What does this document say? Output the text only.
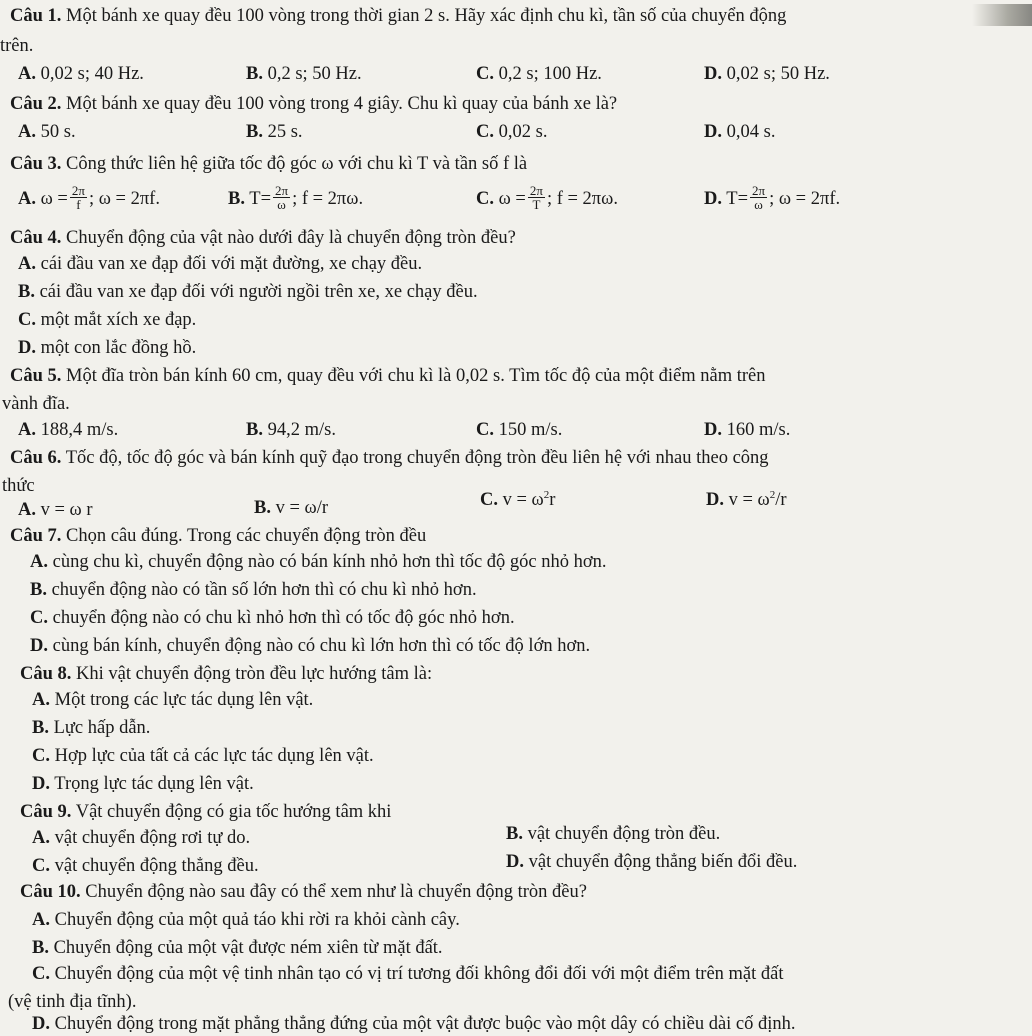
Câu 1. Một bánh xe quay đều 100 vòng trong thời gian 2 s. Hãy xác định chu kì, tần số của chuyển động
trên.
A. 0,02 s; 40 Hz.	B. 0,2 s; 50 Hz.	C. 0,2 s; 100 Hz.	D. 0,02 s; 50 Hz.
Câu 2. Một bánh xe quay đều 100 vòng trong 4 giây. Chu kì quay của bánh xe là?
A. 50 s.	B. 25 s.	C. 0,02 s.	D. 0,04 s.
Câu 3. Công thức liên hệ giữa tốc độ góc ω với chu kì T và tần số f là
A. $\omega = \frac{2\pi}{f}$ ; ω = 2πf.	B. $T= \frac{2\pi}{\omega}$ ; f = 2πω.	C. $\omega = \frac{2\pi}{T}$ ; f = 2πω.	D. $T= \frac{2\pi}{\omega}$ ; ω = 2πf.
Câu 4. Chuyển động của vật nào dưới đây là chuyển động tròn đều?
A. cái đầu van xe đạp đối với mặt đường, xe chạy đều.
B. cái đầu van xe đạp đối với người ngồi trên xe, xe chạy đều.
C. một mắt xích xe đạp.
D. một con lắc đồng hồ.
Câu 5. Một đĩa tròn bán kính 60 cm, quay đều với chu kì là 0,02 s. Tìm tốc độ của một điểm nằm trên
vành đĩa.
A. 188,4 m/s.	B. 94,2 m/s.	C. 150 m/s.	D. 160 m/s.
Câu 6. Tốc độ, tốc độ góc và bán kính quỹ đạo trong chuyển động tròn đều liên hệ với nhau theo công
thức
A. v = ω r	B. v = ω/r	C. $v = \omega^2r$	D. $v = \omega^2/r$
Câu 7. Chọn câu đúng. Trong các chuyển động tròn đều
A. cùng chu kì, chuyển động nào có bán kính nhỏ hơn thì tốc độ góc nhỏ hơn.
B. chuyển động nào có tần số lớn hơn thì có chu kì nhỏ hơn.
C. chuyển động nào có chu kì nhỏ hơn thì có tốc độ góc nhỏ hơn.
D. cùng bán kính, chuyển động nào có chu kì lớn hơn thì có tốc độ lớn hơn.
Câu 8. Khi vật chuyển động tròn đều lực hướng tâm là:
A. Một trong các lực tác dụng lên vật.
B. Lực hấp dẫn.
C. Hợp lực của tất cả các lực tác dụng lên vật.
D. Trọng lực tác dụng lên vật.
Câu 9. Vật chuyển động có gia tốc hướng tâm khi
A. vật chuyển động rơi tự do.	B. vật chuyển động tròn đều.
C. vật chuyển động thẳng đều.	D. vật chuyển động thẳng biến đổi đều.
Câu 10. Chuyển động nào sau đây có thể xem như là chuyển động tròn đều?
A. Chuyển động của một quả táo khi rời ra khỏi cành cây.
B. Chuyển động của một vật được ném xiên từ mặt đất.
C. Chuyển động của một vệ tinh nhân tạo có vị trí tương đối không đổi đối với một điểm trên mặt đất
(vệ tinh địa tĩnh).
D. Chuyển động trong mặt phẳng thẳng đứng của một vật được buộc vào một dây có chiều dài cố định.
